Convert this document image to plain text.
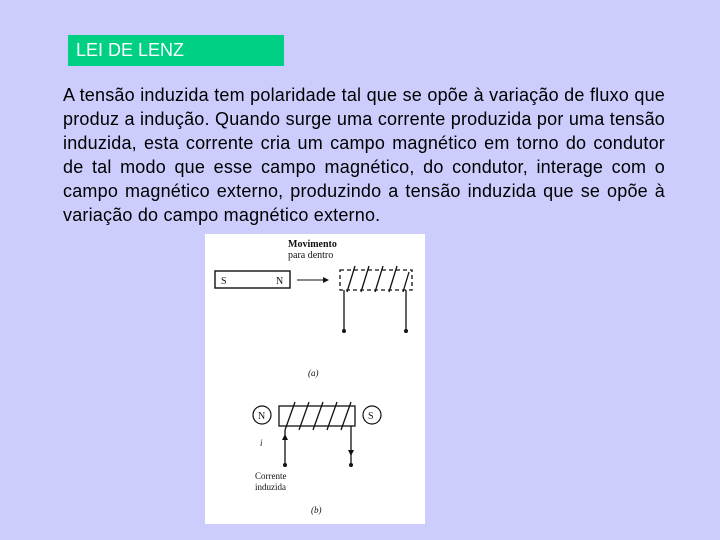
LEI DE LENZ
A tensão induzida tem polaridade tal que se opõe à variação de fluxo que produz a indução. Quando surge uma corrente produzida por uma tensão induzida, esta corrente cria um campo magnético em torno do condutor de tal modo que esse campo magnético, do condutor, interage com o campo magnético externo, produzindo a tensão induzida que se opõe à variação do campo magnético externo.
Movimento
para dentro
S	N
(a)
N	S
i
Corrente
induzida
(b)
